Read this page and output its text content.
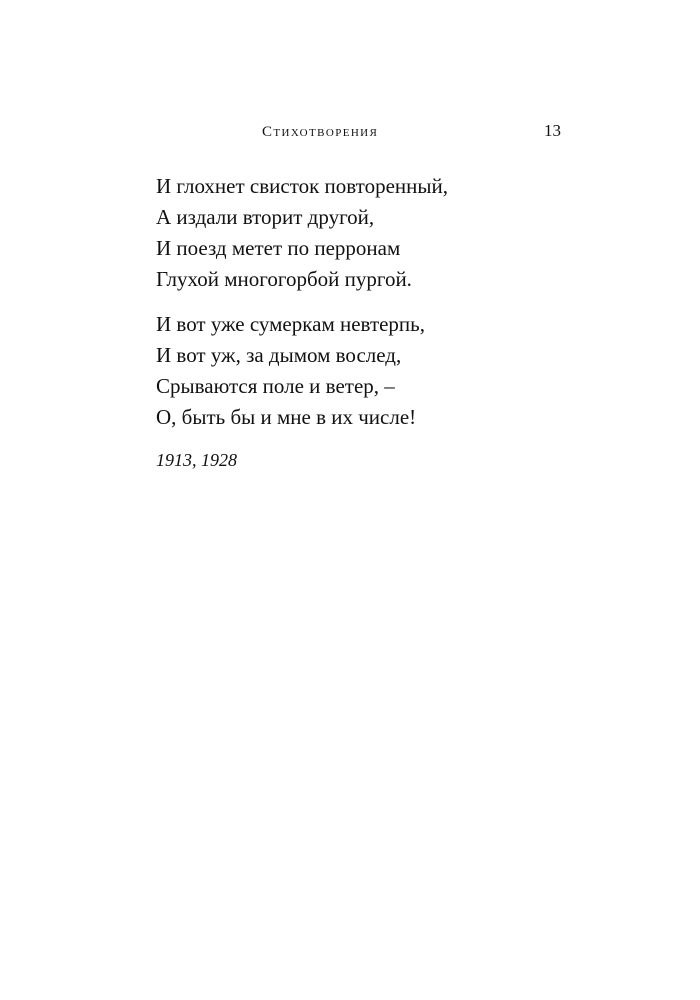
Стихотворения	13
И глохнет свисток повторенный,
А издали вторит другой,
И поезд метет по перронам
Глухой многогорбой пургой.
И вот уже сумеркам невтерпь,
И вот уж, за дымом вослед,
Срываются поле и ветер, –
О, быть бы и мне в их числе!
1913, 1928
